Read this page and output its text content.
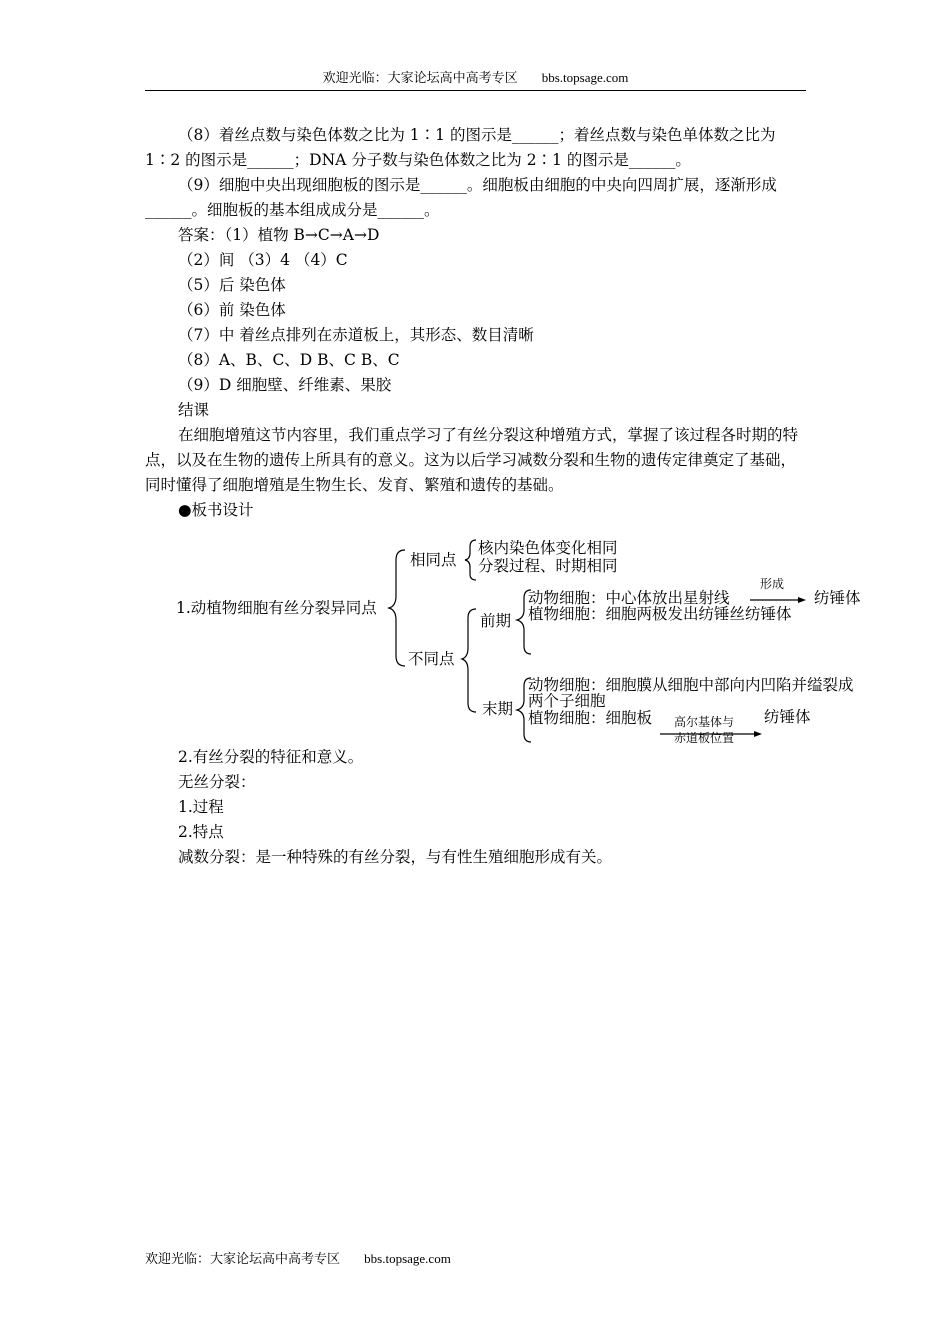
欢迎光临：大家论坛高中高考专区 bbs.topsage.com

（8）着丝点数与染色体数之比为 1∶1 的图示是______；着丝点数与染色单体数之比为 1∶2 的图示是______；DNA 分子数与染色体数之比为 2∶1 的图示是______。

（9）细胞中央出现细胞板的图示是______。细胞板由细胞的中央向四周扩展，逐渐形成______。细胞板的基本组成成分是______。

答案：（1）植物 B→C→A→D

（2）间 （3）4 （4）C

（5）后 染色体

（6）前 染色体

（7）中 着丝点排列在赤道板上，其形态、数目清晰

（8）A、B、C、D B、C B、C

（9）D 细胞壁、纤维素、果胶

结课

在细胞增殖这节内容里，我们重点学习了有丝分裂这种增殖方式，掌握了该过程各时期的特点，以及在生物的遗传上所具有的意义。这为以后学习减数分裂和生物的遗传定律奠定了基础，同时懂得了细胞增殖是生物生长、发育、繁殖和遗传的基础。

●板书设计

1.动植物细胞有丝分裂异同点
相同点
核内染色体变化相同
分裂过程、时期相同
不同点
前期
动物细胞：中心体放出星射线
形成
纺锤体
植物细胞：细胞两极发出纺锤丝纺锤体
末期
动物细胞：细胞膜从细胞中部向内凹陷并缢裂成
两个子细胞
植物细胞：细胞板 高尔基体与
赤道板位置
纺锤体

2.有丝分裂的特征和意义。

无丝分裂：

1.过程

2.特点

减数分裂：是一种特殊的有丝分裂，与有性生殖细胞形成有关。

欢迎光临：大家论坛高中高考专区 bbs.topsage.com
